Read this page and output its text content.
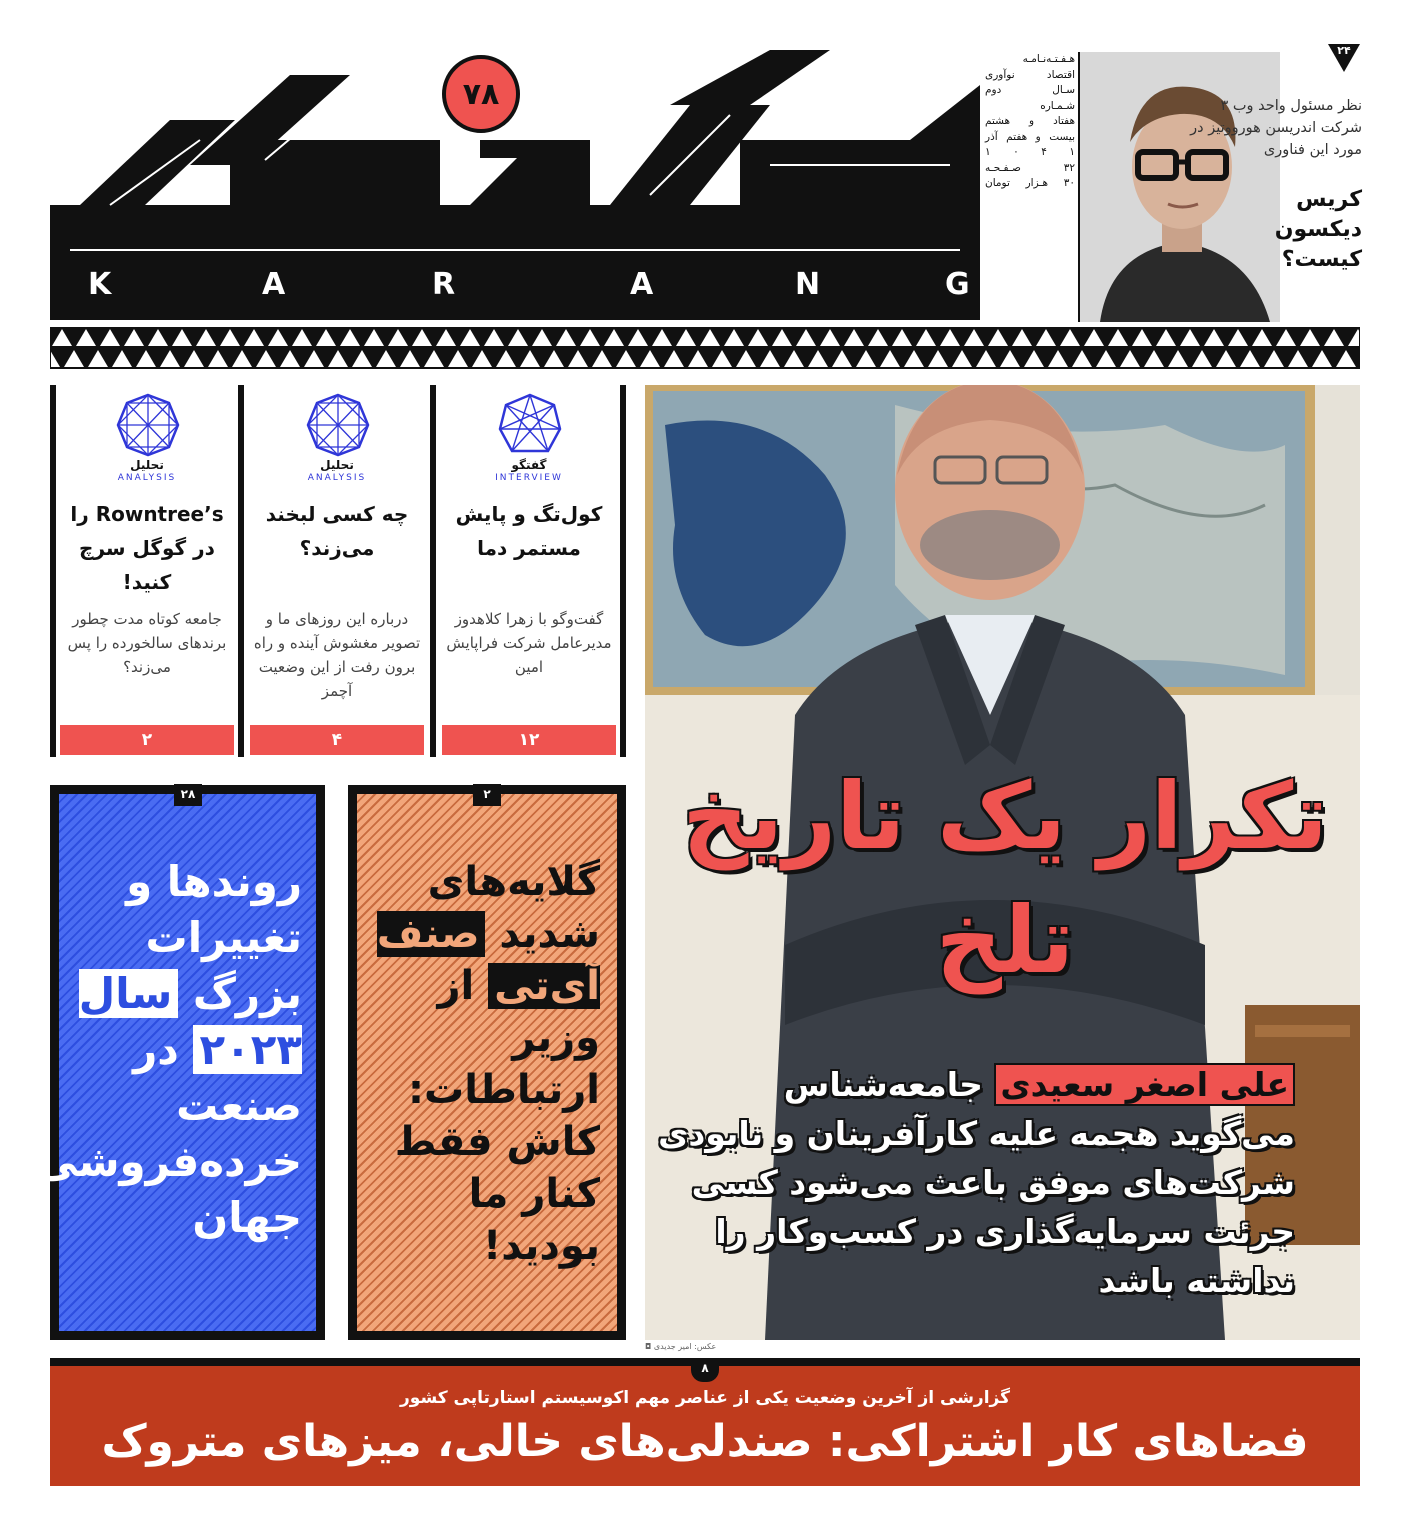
K	A	R	A	N	G
۷۸
هـفـتـه‌نـامـه
اقتصاد نوآوری
سـال دوم
شـمـاره
هفتاد و هشتم
بیست و هفتم آذر
۱ ۴ ۰ ۱
۳۲ صـفـحـه
۳۰ هـزار تومان
۲۴
نظر مسئول واحد وب ۳ شرکت اندریسن هورووتیز در مورد این فناوری
کریس دیکسون کیست؟
گفتگو
INTERVIEW
کول‌تگ و پایش مستمر دما
گفت‌وگو با زهرا کلاهدوز مدیرعامل شرکت فراپایش امین
۱۲
تحلیل
ANALYSIS
چه کسی لبخند می‌زند؟
درباره این روزهای ما و تصویر مغشوش آینده و راه برون رفت از این وضعیت آچمز
۴
تحلیل
ANALYSIS
Rowntree’s را در گوگل سرچ کنید!
جامعه کوتاه مدت چطور برندهای سالخورده را پس می‌زند؟
۲
۲۸
روندها و تغییرات بزرگ سال ۲۰۲۳ در صنعت خرده‌فروشی جهان
۲
گلایه‌های شدید صنف آی‌تی از وزیر ارتباطات: کاش فقط کنار ما بودید!
◘ عکس: امیر جدیدی
تکرار یک تاریخ تلخ
علی اصغر سعیدی جامعه‌شناس می‌گوید هجمه علیه کارآفرینان و نابودی شرکت‌های موفق باعث می‌شود کسی جرئت سرمایه‌گذاری در کسب‌وکار را نداشته باشد
۸
گزارشی از آخرین وضعیت یکی از عناصر مهم اکوسیستم استارتاپی کشور
فضاهای کار اشتراکی: صندلی‌های خالی، میزهای متروک
